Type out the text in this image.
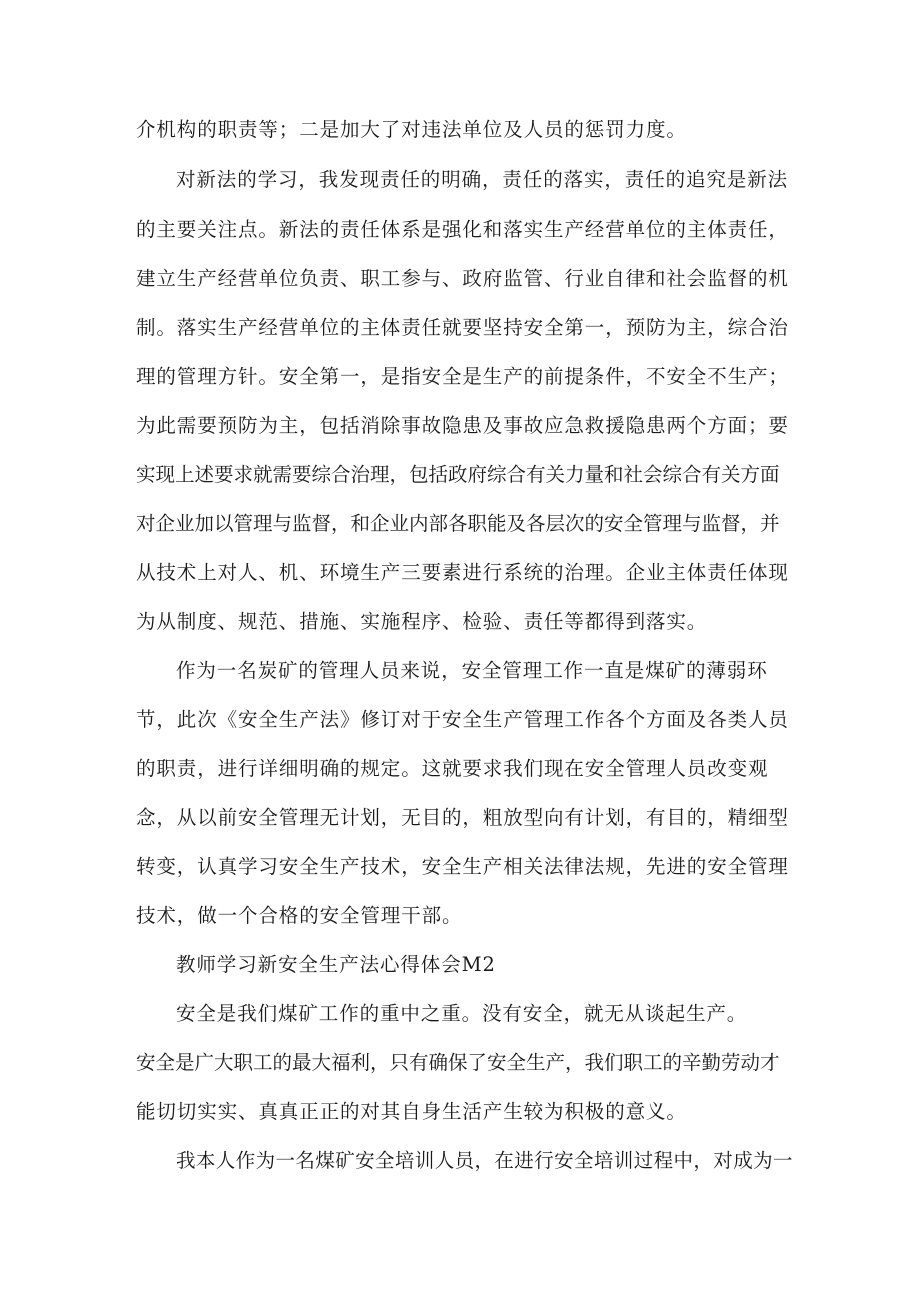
介机构的职责等；二是加大了对违法单位及人员的惩罚力度。
对新法的学习，我发现责任的明确，责任的落实，责任的追究是新法
的主要关注点。新法的责任体系是强化和落实生产经营单位的主体责任，
建立生产经营单位负责、职工参与、政府监管、行业自律和社会监督的机
制。落实生产经营单位的主体责任就要坚持安全第一，预防为主，综合治
理的管理方针。安全第一，是指安全是生产的前提条件，不安全不生产；
为此需要预防为主，包括消除事故隐患及事故应急救援隐患两个方面；要
实现上述要求就需要综合治理，包括政府综合有关力量和社会综合有关方面
对企业加以管理与监督，和企业内部各职能及各层次的安全管理与监督，并
从技术上对人、机、环境生产三要素进行系统的治理。企业主体责任体现
为从制度、规范、措施、实施程序、检验、责任等都得到落实。
作为一名炭矿的管理人员来说，安全管理工作一直是煤矿的薄弱环
节，此次《安全生产法》修订对于安全生产管理工作各个方面及各类人员
的职责，进行详细明确的规定。这就要求我们现在安全管理人员改变观
念，从以前安全管理无计划，无目的，粗放型向有计划，有目的，精细型
转变，认真学习安全生产技术，安全生产相关法律法规，先进的安全管理
技术，做一个合格的安全管理干部。
教师学习新安全生产法心得体会M2
安全是我们煤矿工作的重中之重。没有安全，就无从谈起生产。
安全是广大职工的最大福利，只有确保了安全生产，我们职工的辛勤劳动才
能切切实实、真真正正的对其自身生活产生较为积极的意义。
我本人作为一名煤矿安全培训人员，在进行安全培训过程中，对成为一
